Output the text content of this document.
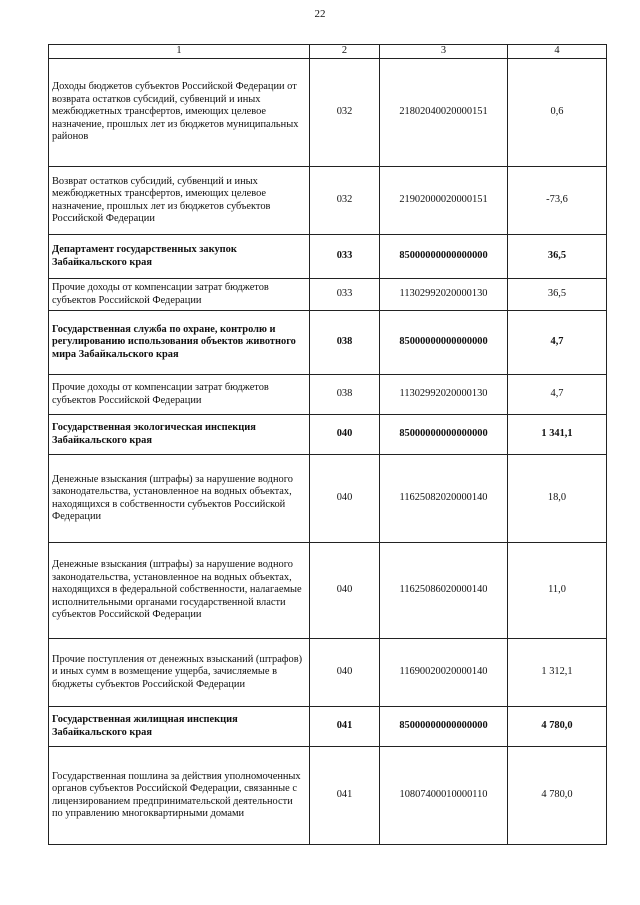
22
1	2	3	4
Доходы бюджетов субъектов Российской Федерации от возврата остатков субсидий, субвенций и иных межбюджетных трансфертов, имеющих целевое назначение, прошлых лет из бюджетов муниципальных районов	032	21802040020000151	0,6
Возврат остатков субсидий, субвенций и иных межбюджетных трансфертов, имеющих целевое назначение, прошлых лет из бюджетов субъектов Российской Федерации	032	21902000020000151	-73,6
Департамент государственных закупок Забайкальского края	033	85000000000000000	36,5
Прочие доходы от компенсации затрат бюджетов субъектов Российской Федерации	033	11302992020000130	36,5
Государственная служба по охране, контролю и регулированию использования объектов животного мира Забайкальского края	038	85000000000000000	4,7
Прочие доходы от компенсации затрат бюджетов субъектов Российской Федерации	038	11302992020000130	4,7
Государственная экологическая инспекция Забайкальского края	040	85000000000000000	1 341,1
Денежные взыскания (штрафы) за нарушение водного законодательства, установленное на водных объектах, находящихся в собственности субъектов Российской Федерации	040	11625082020000140	18,0
Денежные взыскания (штрафы) за нарушение водного законодательства, установленное на водных объектах, находящихся в федеральной собственности, налагаемые исполнительными органами государственной власти субъектов Российской Федерации	040	11625086020000140	11,0
Прочие поступления от денежных взысканий (штрафов) и иных сумм в возмещение ущерба, зачисляемые в бюджеты субъектов Российской Федерации	040	11690020020000140	1 312,1
Государственная жилищная инспекция Забайкальского края	041	85000000000000000	4 780,0
Государственная пошлина за действия уполномоченных органов субъектов Российской Федерации, связанные с лицензированием предпринимательской деятельности по управлению многоквартирными домами	041	10807400010000110	4 780,0
